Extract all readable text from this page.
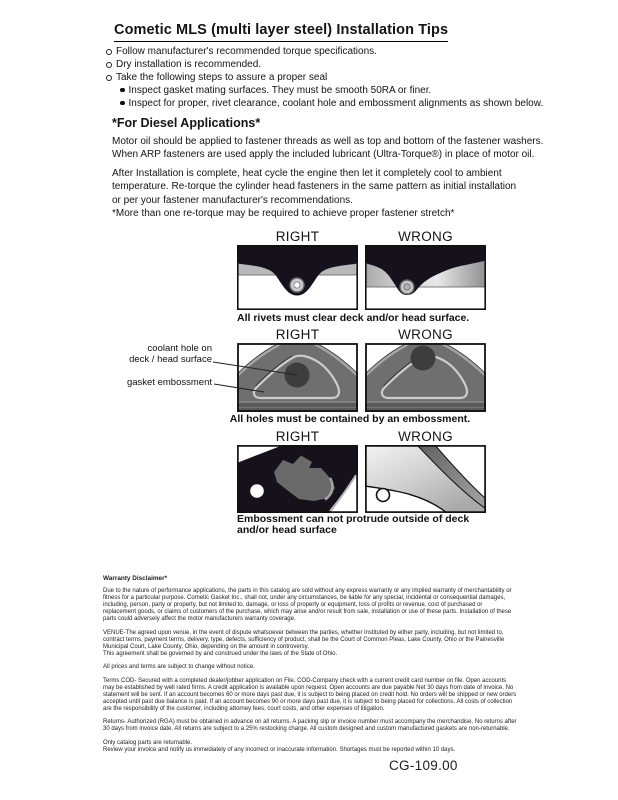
Cometic MLS (multi layer steel) Installation Tips
Follow manufacturer's recommended torque specifications.
Dry installation is recommended.
Take the following steps to assure a proper seal
Inspect gasket mating surfaces. They must be smooth 50RA or finer.
Inspect for proper, rivet clearance, coolant hole and embossment alignments as shown below.
*For Diesel Applications*
Motor oil should be applied to fastener threads as well as top and bottom of the fastener washers.
When ARP fasteners are used apply the included lubricant (Ultra-Torque®) in place of motor oil.
After Installation is complete, heat cycle the engine then let it completely cool to ambient
temperature. Re-torque the cylinder head fasteners in the same pattern as initial installation
or per your fastener manufacturer's recommendations.
*More than one re-torque may be required to achieve proper fastener stretch*
RIGHT	WRONG
All rivets must clear deck and/or head surface.
coolant hole on
deck / head surface
gasket embossment
RIGHT	WRONG
All holes must be contained by an embossment.
RIGHT	WRONG
Embossment can not protrude outside of deck
and/or head surface
Warranty Disclaimer*

Due to the nature of performance applications, the parts in this catalog are sold without any express warranty or any implied warranty of merchantability or fitness for a particular purpose. Cometic Gasket Inc., shall not, under any circumstances, be liable for any special, incidental or consequential damages, including, person, party or property, but not limited to, damage, or loss of property or equipment, loss of profits or revenue, cost of purchased or replacement goods, or claims of customers of the purchase, which may arise and/or result from sale, installation or use of these parts. Installation of these parts could adversely affect the motor manufacturers warranty coverage.

VENUE-The agreed upon venue, in the event of dispute whatsoever between the parties, whether instituted by either party, including, but not limited to, contract terms, payment terms, delivery, type, defects, sufficiency of product, shall be the Court of Common Pleas, Lake County, Ohio or the Painesville Municipal Court, Lake County, Ohio, depending on the amount in controversy.

This agreement shall be governed by and construed under the laws of the State of Ohio.

All prices and terms are subject to change without notice.

Terms COD- Secured with a completed dealer/jobber application on File, COD-Company check with a current credit card number on file. Open accounts may be established by well rated firms. A credit application is available upon request. Open accounts are due payable Net 30 days from date of invoice. No statement will be sent. If an account becomes 60 or more days past due, it is subject to being placed on credit hold. No orders will be shipped or new orders accepted until past due balance is paid. If an account becomes 90 or more days past due, it is subject to being placed for collections. All costs of collection are the responsibility of the customer, including attorney fees, court costs, and other expenses of litigation.

Returns- Authorized (RGA) must be obtained in advance on all returns. A packing slip or invoice number must accompany the merchandise. No returns after 30 days from invoice date. All returns are subject to a 25% restocking charge. All custom designed and custom manufactured gaskets are non-returnable.

Only catalog parts are returnable.

Review your invoice and notify us immediately of any incorrect or inaccurate information. Shortages must be reported within 10 days.

CG-109.00
